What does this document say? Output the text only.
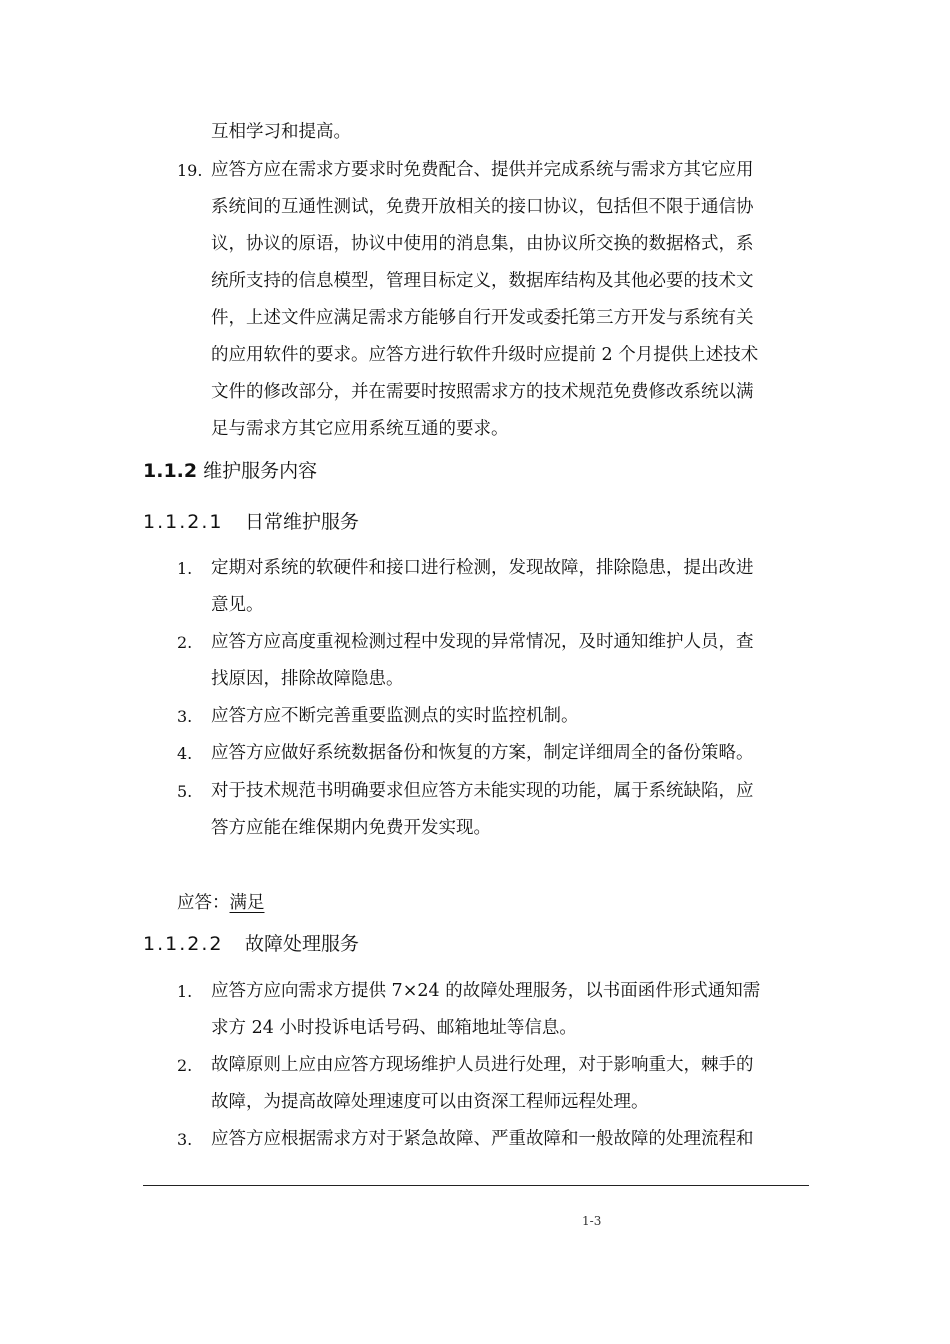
互相学习和提高。
19. 应答方应在需求方要求时免费配合、提供并完成系统与需求方其它应用
系统间的互通性测试，免费开放相关的接口协议，包括但不限于通信协
议，协议的原语，协议中使用的消息集，由协议所交换的数据格式，系
统所支持的信息模型，管理目标定义，数据库结构及其他必要的技术文
件，上述文件应满足需求方能够自行开发或委托第三方开发与系统有关
的应用软件的要求。应答方进行软件升级时应提前 2 个月提供上述技术
文件的修改部分，并在需要时按照需求方的技术规范免费修改系统以满
足与需求方其它应用系统互通的要求。
1.1.2 维护服务内容
1.1.2.1 日常维护服务
1. 定期对系统的软硬件和接口进行检测，发现故障，排除隐患，提出改进
意见。
2. 应答方应高度重视检测过程中发现的异常情况，及时通知维护人员，查
找原因，排除故障隐患。
3. 应答方应不断完善重要监测点的实时监控机制。
4. 应答方应做好系统数据备份和恢复的方案，制定详细周全的备份策略。
5. 对于技术规范书明确要求但应答方未能实现的功能，属于系统缺陷，应
答方应能在维保期内免费开发实现。
应答：满足
1.1.2.2 故障处理服务
1. 应答方应向需求方提供 7×24 的故障处理服务，以书面函件形式通知需
求方 24 小时投诉电话号码、邮箱地址等信息。
2. 故障原则上应由应答方现场维护人员进行处理，对于影响重大，棘手的
故障，为提高故障处理速度可以由资深工程师远程处理。
3. 应答方应根据需求方对于紧急故障、严重故障和一般故障的处理流程和
1-3
